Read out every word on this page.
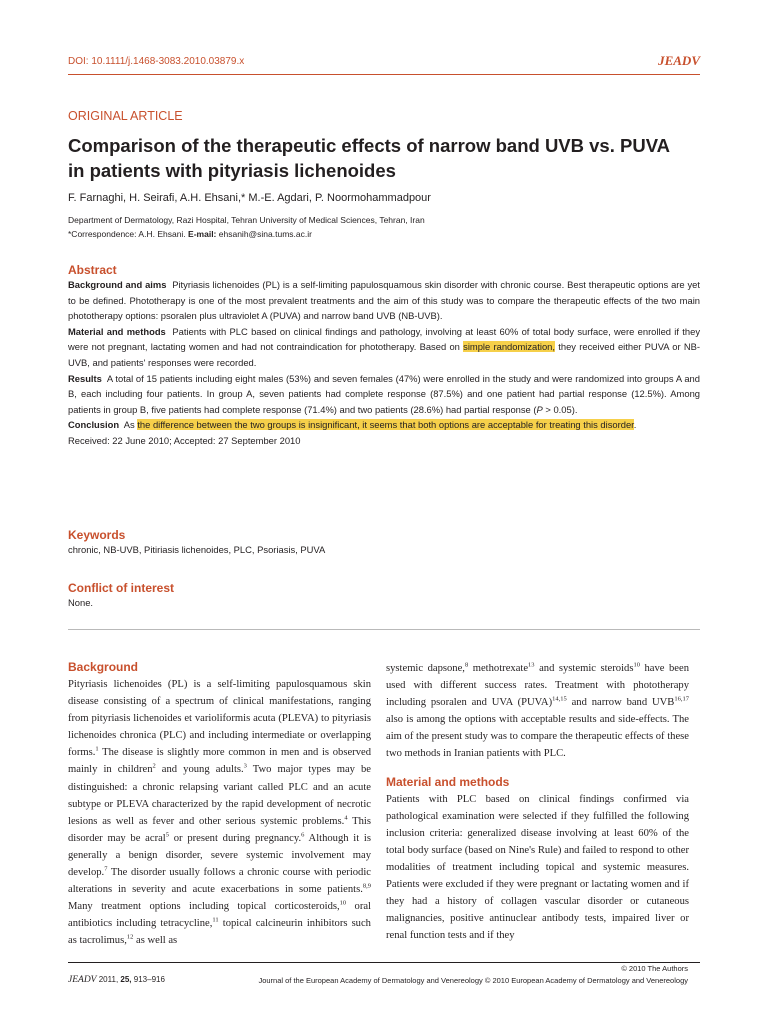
DOI: 10.1111/j.1468-3083.2010.03879.x	JEADV
ORIGINAL ARTICLE
Comparison of the therapeutic effects of narrow band UVB vs. PUVA in patients with pityriasis lichenoides
F. Farnaghi, H. Seirafi, A.H. Ehsani,* M.-E. Agdari, P. Noormohammadpour
Department of Dermatology, Razi Hospital, Tehran University of Medical Sciences, Tehran, Iran
*Correspondence: A.H. Ehsani. E-mail: ehsanih@sina.tums.ac.ir
Abstract

Background and aims Pityriasis lichenoides (PL) is a self-limiting papulosquamous skin disorder with chronic course. Best therapeutic options are yet to be defined. Phototherapy is one of the most prevalent treatments and the aim of this study was to compare the therapeutic effects of the two main phototherapy options: psoralen plus ultraviolet A (PUVA) and narrow band UVB (NB-UVB).

Material and methods Patients with PLC based on clinical findings and pathology, involving at least 60% of total body surface, were enrolled if they were not pregnant, lactating women and had not contraindication for phototherapy. Based on simple randomization, they received either PUVA or NB-UVB, and patients' responses were recorded.

Results A total of 15 patients including eight males (53%) and seven females (47%) were enrolled in the study and were randomized into groups A and B, each including four patients. In group A, seven patients had complete response (87.5%) and one patient had partial response (12.5%). Among patients in group B, five patients had complete response (71.4%) and two patients (28.6%) had partial response (P > 0.05).

Conclusion As the difference between the two groups is insignificant, it seems that both options are acceptable for treating this disorder.

Received: 22 June 2010; Accepted: 27 September 2010

Keywords
chronic, NB-UVB, Pitiriasis lichenoides, PLC, Psoriasis, PUVA
Conflict of interest
None.
Background

Pityriasis lichenoides (PL) is a self-limiting papulosquamous skin disease consisting of a spectrum of clinical manifestations, ranging from pityriasis lichenoides et varioliformis acuta (PLEVA) to pityriasis lichenoides chronica (PLC) and including intermediate or overlapping forms.$^1$ The disease is slightly more common in men and is observed mainly in children$^2$ and young adults.$^3$ Two major types may be distinguished: a chronic relapsing variant called PLC and an acute subtype or PLEVA characterized by the rapid development of necrotic lesions as well as fever and other serious systemic problems.$^4$ This disorder may be acral$^5$ or present during pregnancy.$^6$ Although it is generally a benign disorder, severe systemic involvement may develop.$^7$ The disorder usually follows a chronic course with periodic alterations in severity and acute exacerbations in some patients.$^{8,9}$ Many treatment options including topical corticosteroids,$^{10}$ oral antibiotics including tetracycline,$^{11}$ topical calcineurin inhibitors such as tacrolimus,$^{12}$ as well as

systemic dapsone,$^8$ methotrexate$^{13}$ and systemic steroids$^{10}$ have been used with different success rates. Treatment with phototherapy including psoralen and UVA (PUVA)$^{14,15}$ and narrow band UVB$^{16,17}$ also is among the options with acceptable results and side-effects. The aim of the present study was to compare the therapeutic effects of these two methods in Iranian patients with PLC.

Material and methods

Patients with PLC based on clinical findings confirmed via pathological examination were selected if they fulfilled the following inclusion criteria: generalized disease involving at least 60% of the total body surface (based on Nine's Rule) and failed to respond to other modalities of treatment including topical and systemic measures. Patients were excluded if they were pregnant or lactating women and if they had a history of collagen vascular disorder or cutaneous malignancies, positive antinuclear antibody tests, impaired liver or renal function tests and if they

© 2010 The Authors
JEADV 2011, 25, 913–916	Journal of the European Academy of Dermatology and Venereology © 2010 European Academy of Dermatology and Venereology
